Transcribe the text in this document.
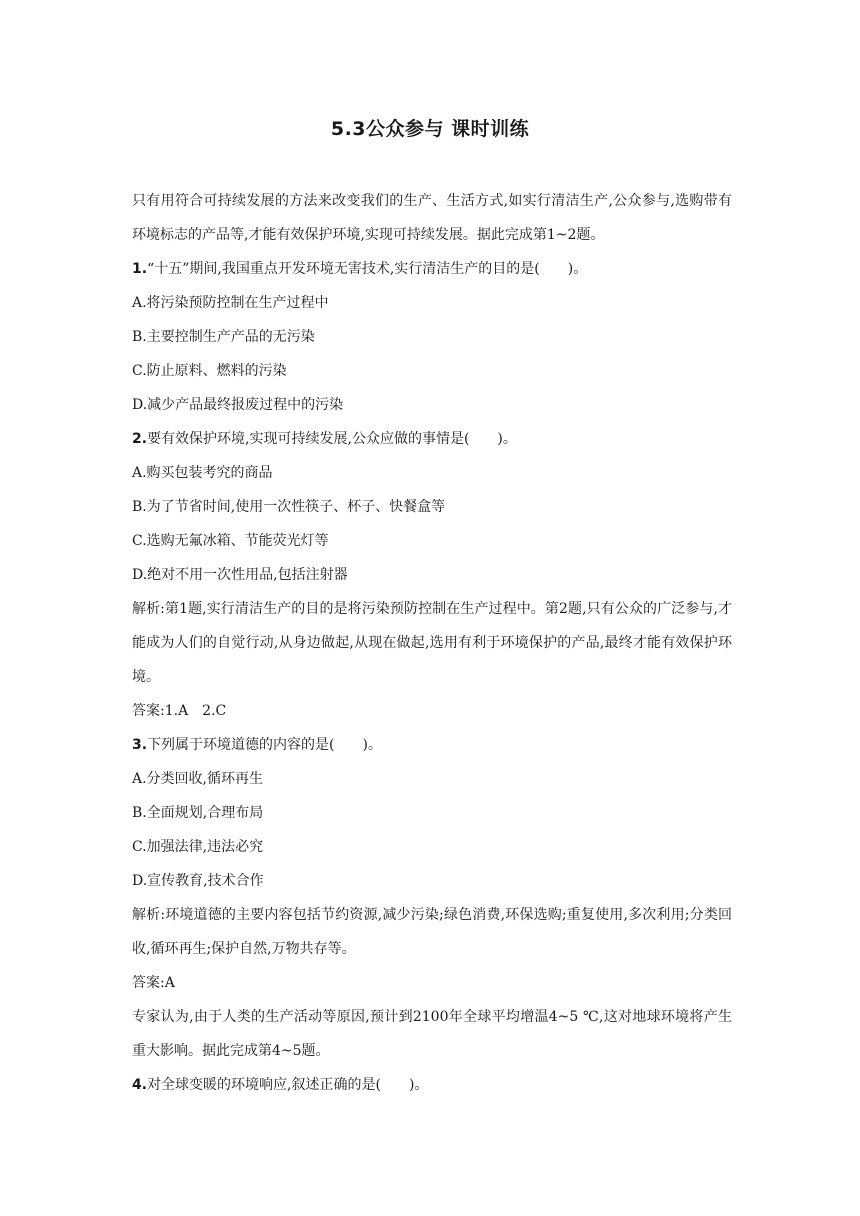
5.3公众参与 课时训练

只有用符合可持续发展的方法来改变我们的生产、生活方式,如实行清洁生产,公众参与,选购带有环境标志的产品等,才能有效保护环境,实现可持续发展。据此完成第1~2题。

1.“十五”期间,我国重点开发环境无害技术,实行清洁生产的目的是(　　)。

A.将污染预防控制在生产过程中

B.主要控制生产产品的无污染

C.防止原料、燃料的污染

D.减少产品最终报废过程中的污染

2.要有效保护环境,实现可持续发展,公众应做的事情是(　　)。

A.购买包装考究的商品

B.为了节省时间,使用一次性筷子、杯子、快餐盒等

C.选购无氟冰箱、节能荧光灯等

D.绝对不用一次性用品,包括注射器

解析:第1题,实行清洁生产的目的是将污染预防控制在生产过程中。第2题,只有公众的广泛参与,才能成为人们的自觉行动,从身边做起,从现在做起,选用有利于环境保护的产品,最终才能有效保护环境。

答案:1.A　2.C

3.下列属于环境道德的内容的是(　　)。

A.分类回收,循环再生

B.全面规划,合理布局

C.加强法律,违法必究

D.宣传教育,技术合作

解析:环境道德的主要内容包括节约资源,减少污染;绿色消费,环保选购;重复使用,多次利用;分类回收,循环再生;保护自然,万物共存等。

答案:A

专家认为,由于人类的生产活动等原因,预计到2100年全球平均增温4~5 ℃,这对地球环境将产生重大影响。据此完成第4~5题。

4.对全球变暖的环境响应,叙述正确的是(　　)。
